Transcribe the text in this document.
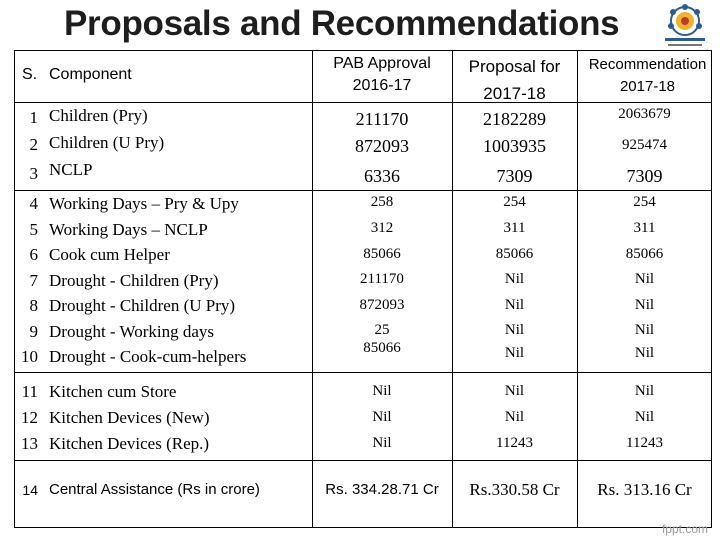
Proposals and Recommendations
S. Component
PAB Approval
2016-17
Proposal for
2017-18
Recommendation
2017-18
1 Children (Pry)	211170	2182289	2063679
2 Children (U Pry)	872093	1003935	925474
3 NCLP	6336	7309	7309
4 Working Days – Pry & Upy	258	254	254
5 Working Days – NCLP	312	311	311
6 Cook cum Helper	85066	85066	85066
7 Drought - Children (Pry)	211170	Nil	Nil
8 Drought - Children (U Pry)	872093	Nil	Nil
9 Drought - Working days	25	Nil	Nil
10 Drought - Cook-cum-helpers	85066	Nil	Nil
11 Kitchen cum Store	Nil	Nil	Nil
12 Kitchen Devices (New)	Nil	Nil	Nil
13 Kitchen Devices (Rep.)	Nil	11243	11243
14 Central Assistance (Rs in crore)	Rs. 334.28.71 Cr	Rs.330.58 Cr	Rs. 313.16 Cr
fppt.com
